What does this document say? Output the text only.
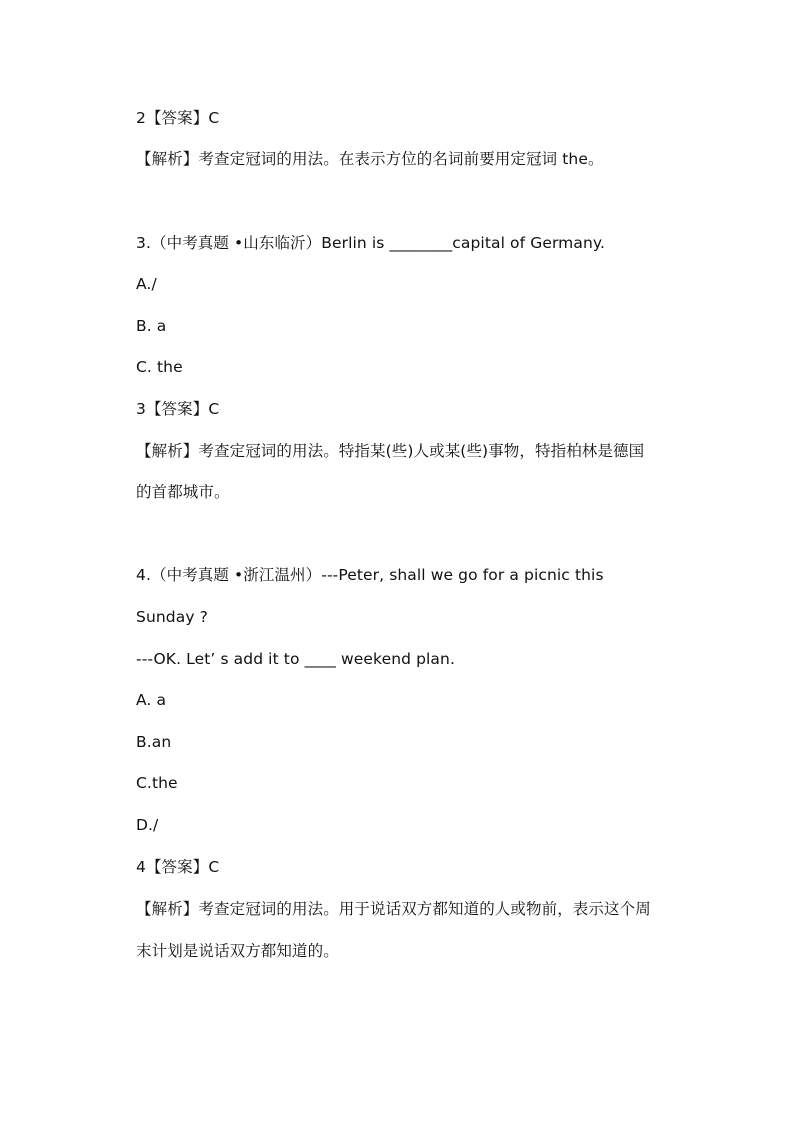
2【答案】C
【解析】考查定冠词的用法。在表示方位的名词前要用定冠词 the。
3.（中考真题 •山东临沂）Berlin is ________capital of Germany.
A./
B. a
C. the
3【答案】C
【解析】考查定冠词的用法。特指某(些)人或某(些)事物，特指柏林是德国
的首都城市。
4.（中考真题 •浙江温州）---Peter, shall we go for a picnic this
Sunday ?
---OK. Let’ s add it to ____ weekend plan.
A. a
B.an
C.the
D./
4【答案】C
【解析】考查定冠词的用法。用于说话双方都知道的人或物前，表示这个周
末计划是说话双方都知道的。
